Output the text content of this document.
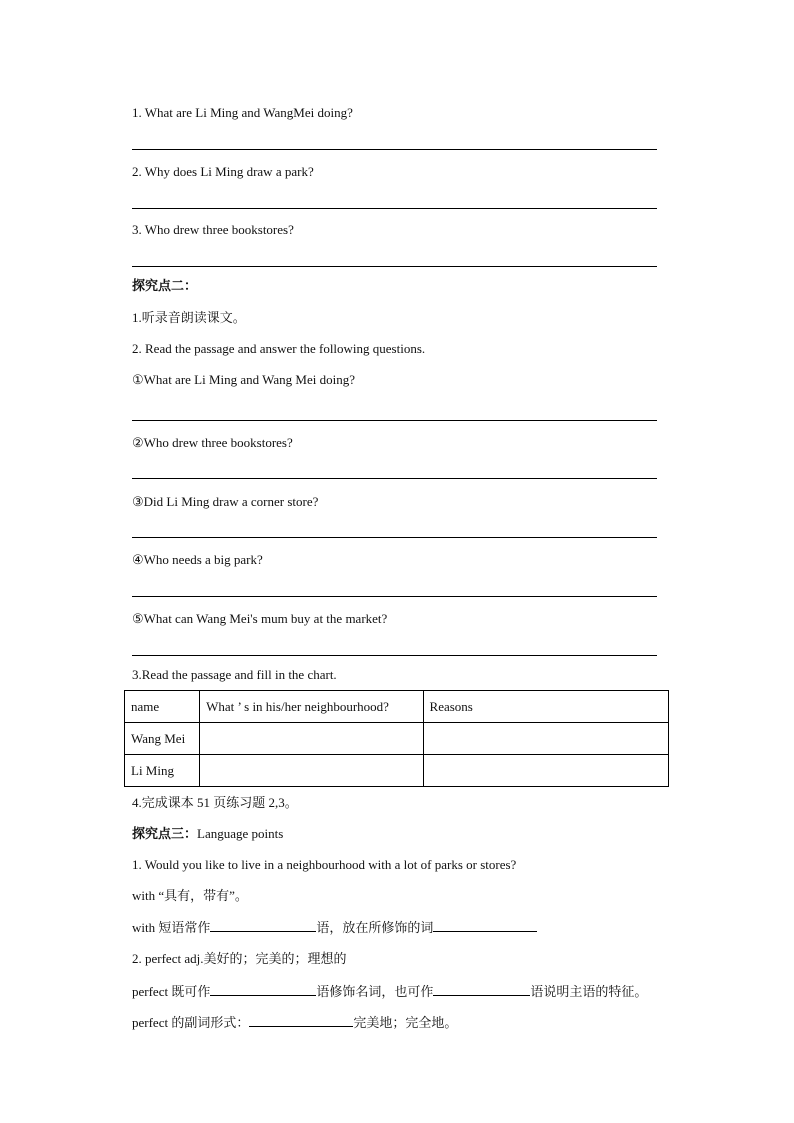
1. What are Li Ming and WangMei doing?
2. Why does Li Ming draw a park?
3. Who drew three bookstores?
探究点二：
1.听录音朗读课文。
2. Read the passage and answer the following questions.
①What are Li Ming and Wang Mei doing?
②Who drew three bookstores?
③Did Li Ming draw a corner store?
④Who needs a big park?
⑤What can Wang Mei's mum buy at the market?
3.Read the passage and fill in the chart.
name	What ’ s in his/her neighbourhood?	Reasons
Wang Mei		
Li Ming		
4.完成课本 51 页练习题 2,3。
探究点三：Language points
1. Would you like to live in a neighbourhood with a lot of parks or stores?
with “具有，带有”。
with 短语常作	语，放在所修饰的词
2. perfect adj.美好的；完美的；理想的
perfect 既可作	语修饰名词，也可作	语说明主语的特征。
perfect 的副词形式：	完美地；完全地。
